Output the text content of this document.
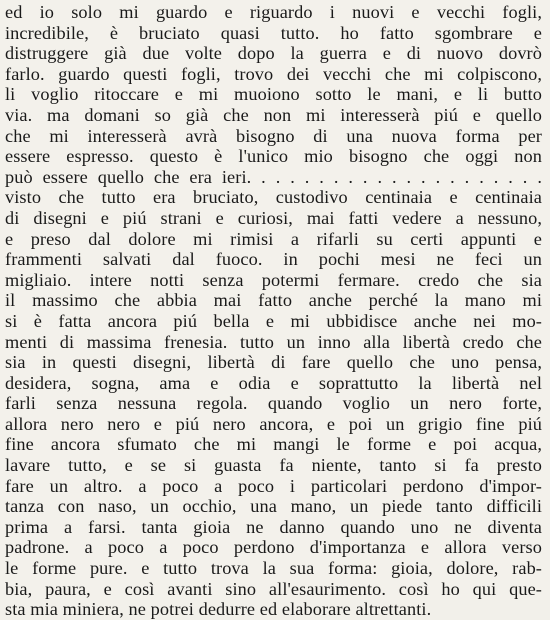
ed io solo mi guardo e riguardo i nuovi e vecchi fogli,
incredibile, è bruciato quasi tutto. ho fatto sgombrare e
distruggere già due volte dopo la guerra e di nuovo dovrò
farlo. guardo questi fogli, trovo dei vecchi che mi colpiscono,
li voglio ritoccare e mi muoiono sotto le mani, e li butto
via. ma domani so già che non mi interesserà piú e quello
che mi interesserà avrà bisogno di una nuova forma per
essere espresso. questo è l'unico mio bisogno che oggi non
può essere quello che era ieri. . . . . . . . . . . . . . . . . . . . .
visto che tutto era bruciato, custodivo centinaia e centinaia
di disegni e piú strani e curiosi, mai fatti vedere a nessuno,
e preso dal dolore mi rimisi a rifarli su certi appunti e
frammenti salvati dal fuoco. in pochi mesi ne feci un
migliaio. intere notti senza potermi fermare. credo che sia
il massimo che abbia mai fatto anche perché la mano mi
si è fatta ancora piú bella e mi ubbidisce anche nei mo-
menti di massima frenesia. tutto un inno alla libertà credo che
sia in questi disegni, libertà di fare quello che uno pensa,
desidera, sogna, ama e odia e soprattutto la libertà nel
farli senza nessuna regola. quando voglio un nero forte,
allora nero nero e piú nero ancora, e poi un grigio fine piú
fine ancora sfumato che mi mangi le forme e poi acqua,
lavare tutto, e se si guasta fa niente, tanto si fa presto
fare un altro. a poco a poco i particolari perdono d'impor-
tanza con naso, un occhio, una mano, un piede tanto difficili
prima a farsi. tanta gioia ne danno quando uno ne diventa
padrone. a poco a poco perdono d'importanza e allora verso
le forme pure. e tutto trova la sua forma: gioia, dolore, rab-
bia, paura, e così avanti sino all'esaurimento. così ho qui que-
sta mia miniera, ne potrei dedurre ed elaborare altrettanti.
